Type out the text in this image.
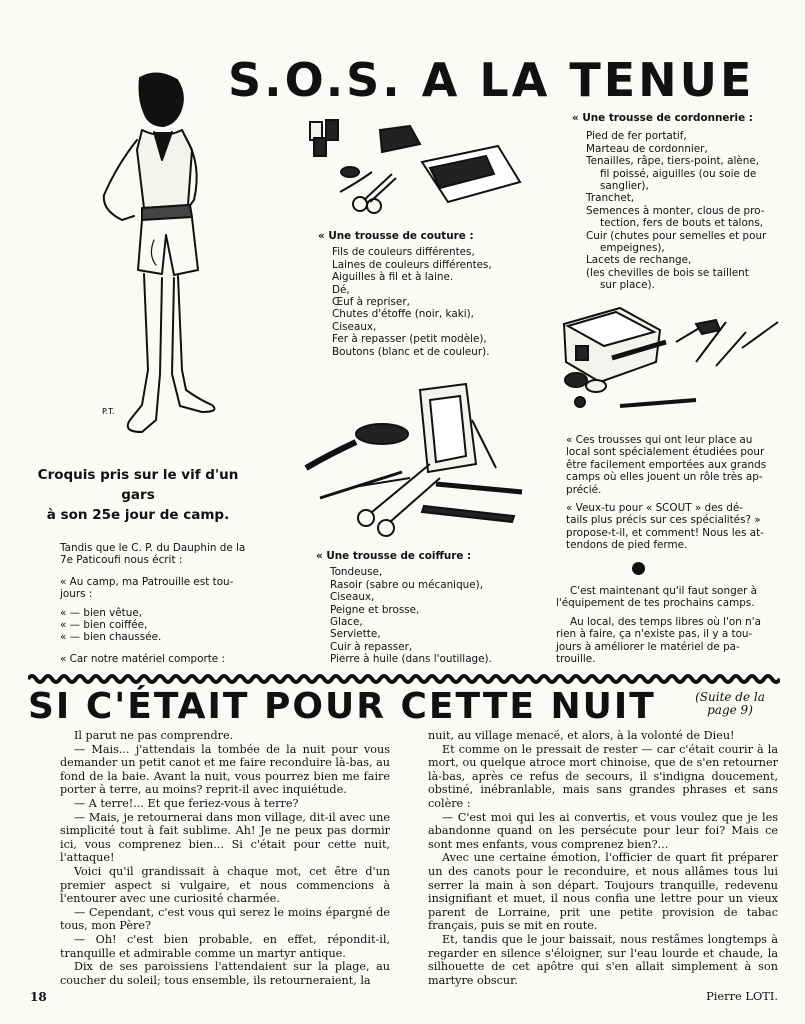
S.O.S. A LA TENUE
P.T.
« Une trousse de couture :
Fils de couleurs différentes,
Laines de couleurs différentes,
Aiguilles à fil et à laine.
Dé,
Œuf à repriser,
Chutes d'étoffe (noir, kaki),
Ciseaux,
Fer à repasser (petit modèle),
Boutons (blanc et de couleur).
« Une trousse de cordonnerie :
Pied de fer portatif,
Marteau de cordonnier,
Tenailles, râpe, tiers-point, alène,
fil poissé, aiguilles (ou soie de
sanglier),
Tranchet,
Semences à monter, clous de pro-
tection, fers de bouts et talons,
Cuir (chutes pour semelles et pour
empeignes),
Lacets de rechange,
(les chevilles de bois se taillent
sur place).
« Une trousse de coiffure :
Tondeuse,
Rasoir (sabre ou mécanique),
Ciseaux,
Peigne et brosse,
Glace,
Serviette,
Cuir à repasser,
Pierre à huile (dans l'outillage).
Croquis pris sur le vif d'un gars
à son 25e jour de camp.
Tandis que le C. P. du Dauphin de la
7e Paticoufi nous écrit :
« Au camp, ma Patrouille est tou-
jours :
« — bien vêtue,
« — bien coiffée,
« — bien chaussée.
« Car notre matériel comporte :
« Ces trousses qui ont leur place au
local sont spécialement étudiées pour
être facilement emportées aux grands
camps où elles jouent un rôle très ap-
précié.
« Veux-tu pour « SCOUT » des dé-
tails plus précis sur ces spécialités? »
propose-t-il, et comment! Nous les at-
tendons de pied ferme.
C'est maintenant qu'il faut songer à
l'équipement de tes prochains camps.
Au local, des temps libres où l'on n'a
rien à faire, ça n'existe pas, il y a tou-
jours à améliorer le matériel de pa-
trouille.
SI C'ÉTAIT POUR CETTE NUIT	(Suite de la
page 9)

Il parut ne pas comprendre.

— Mais... j'attendais la tombée de la nuit pour vous demander un petit canot et me faire reconduire là-bas, au fond de la baie. Avant la nuit, vous pourrez bien me faire porter à terre, au moins? reprit-il avec inquiétude.

— A terre!... Et que feriez-vous à terre?

— Mais, je retournerai dans mon village, dit-il avec une simplicité tout à fait sublime. Ah! Je ne peux pas dormir ici, vous comprenez bien... Si c'était pour cette nuit, l'attaque!

Voici qu'il grandissait à chaque mot, cet être d'un premier aspect si vulgaire, et nous commencions à l'entourer avec une curiosité charmée.

— Cependant, c'est vous qui serez le moins épargné de tous, mon Père?

— Oh! c'est bien probable, en effet, répondit-il, tranquille et admirable comme un martyr antique.

Dix de ses paroissiens l'attendaient sur la plage, au coucher du soleil; tous ensemble, ils retourneraient, la

nuit, au village menacé, et alors, à la volonté de Dieu!

Et comme on le pressait de rester — car c'était courir à la mort, ou quelque atroce mort chinoise, que de s'en retourner là-bas, après ce refus de secours, il s'indigna doucement, obstiné, inébranlable, mais sans grandes phrases et sans colère :

— C'est moi qui les ai convertis, et vous voulez que je les abandonne quand on les persécute pour leur foi? Mais ce sont mes enfants, vous comprenez bien?...

Avec une certaine émotion, l'officier de quart fit préparer un des canots pour le reconduire, et nous allâmes tous lui serrer la main à son départ. Toujours tranquille, redevenu insignifiant et muet, il nous confia une lettre pour un vieux parent de Lorraine, prit une petite provision de tabac français, puis se mit en route.

Et, tandis que le jour baissait, nous restâmes longtemps à regarder en silence s'éloigner, sur l'eau lourde et chaude, la silhouette de cet apôtre qui s'en allait simplement à son martyre obscur.

Pierre LOTI.
18
